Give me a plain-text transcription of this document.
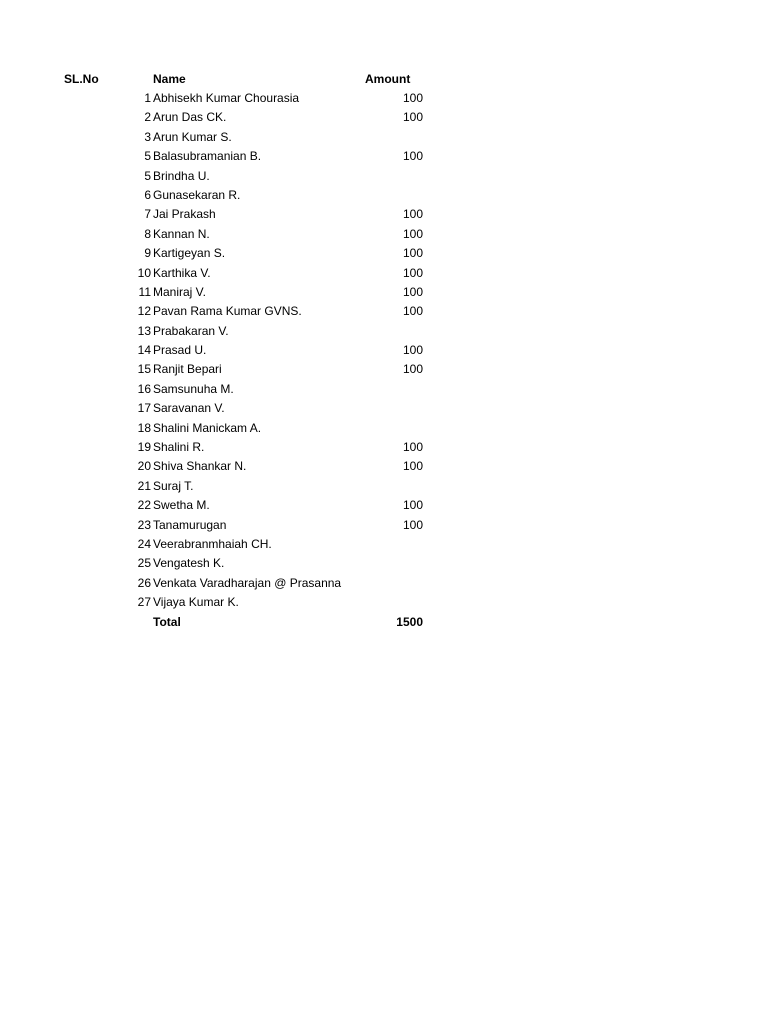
SL.No	Name	Amount
1 Abhisekh Kumar Chourasia	100
2 Arun Das CK.	100
3 Arun Kumar S.
5 Balasubramanian B.	100
5 Brindha U.
6 Gunasekaran R.
7 Jai Prakash	100
8 Kannan N.	100
9 Kartigeyan S.	100
10 Karthika V.	100
11 Maniraj V.	100
12 Pavan Rama Kumar GVNS.	100
13 Prabakaran V.
14 Prasad U.	100
15 Ranjit Bepari	100
16 Samsunuha M.
17 Saravanan V.
18 Shalini Manickam A.
19 Shalini R.	100
20 Shiva Shankar N.	100
21 Suraj T.
22 Swetha M.	100
23 Tanamurugan	100
24 Veerabranmhaiah CH.
25 Vengatesh K.
26 Venkata Varadharajan @ Prasanna
27 Vijaya Kumar K.
Total	1500
